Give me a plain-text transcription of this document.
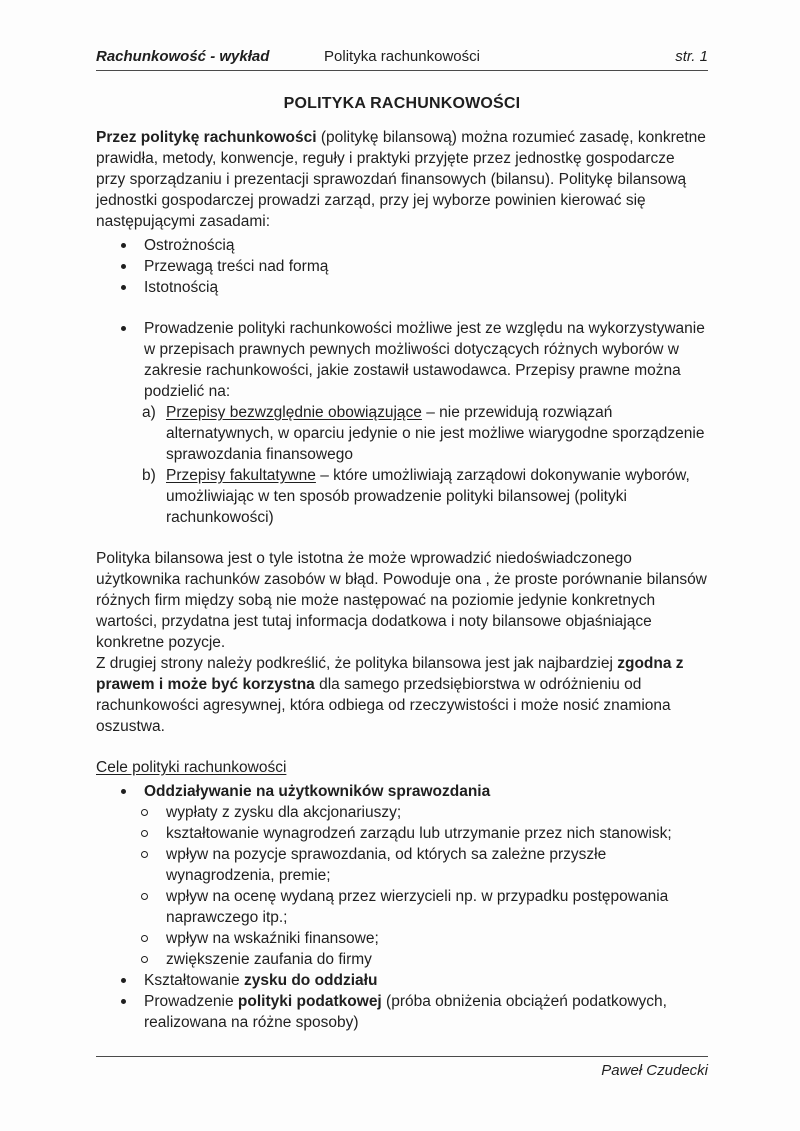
Rachunkowość - wykład	Polityka rachunkowości	str. 1
POLITYKA RACHUNKOWOŚCI

Przez politykę rachunkowości (politykę bilansową) można rozumieć zasadę, konkretne prawidła, metody, konwencje, reguły i praktyki przyjęte przez jednostkę gospodarcze przy sporządzaniu i prezentacji sprawozdań finansowych (bilansu). Politykę bilansową jednostki gospodarczej prowadzi zarząd, przy jej wyborze powinien kierować się następującymi zasadami:

Ostrożnością
Przewagą treści nad formą
Istotnością
Prowadzenie polityki rachunkowości możliwe jest ze względu na wykorzystywanie w przepisach prawnych pewnych możliwości dotyczących różnych wyborów w zakresie rachunkowości, jakie zostawił ustawodawca. Przepisy prawne można podzielić na:
a) Przepisy bezwzględnie obowiązujące – nie przewidują rozwiązań alternatywnych, w oparciu jedynie o nie jest możliwe wiarygodne sporządzenie sprawozdania finansowego
b) Przepisy fakultatywne – które umożliwiają zarządowi dokonywanie wyborów, umożliwiając w ten sposób prowadzenie polityki bilansowej (polityki rachunkowości)

Polityka bilansowa jest o tyle istotna że może wprowadzić niedoświadczonego użytkownika rachunków zasobów w błąd. Powoduje ona , że proste porównanie bilansów różnych firm między sobą nie może następować na poziomie jedynie konkretnych wartości, przydatna jest tutaj informacja dodatkowa i noty bilansowe objaśniające konkretne pozycje.

Z drugiej strony należy podkreślić, że polityka bilansowa jest jak najbardziej zgodna z prawem i może być korzystna dla samego przedsiębiorstwa w odróżnieniu od rachunkowości agresywnej, która odbiega od rzeczywistości i może nosić znamiona oszustwa.

Cele polityki rachunkowości

Oddziaływanie na użytkowników sprawozdania
wypłaty z zysku dla akcjonariuszy;
kształtowanie wynagrodzeń zarządu lub utrzymanie przez nich stanowisk;
wpływ na pozycje sprawozdania, od których sa zależne przyszłe wynagrodzenia, premie;
wpływ na ocenę wydaną przez wierzycieli np. w przypadku postępowania naprawczego itp.;
wpływ na wskaźniki finansowe;
zwiększenie zaufania do firmy
Kształtowanie zysku do oddziału
Prowadzenie polityki podatkowej (próba obniżenia obciążeń podatkowych, realizowana na różne sposoby)
Paweł Czudecki
